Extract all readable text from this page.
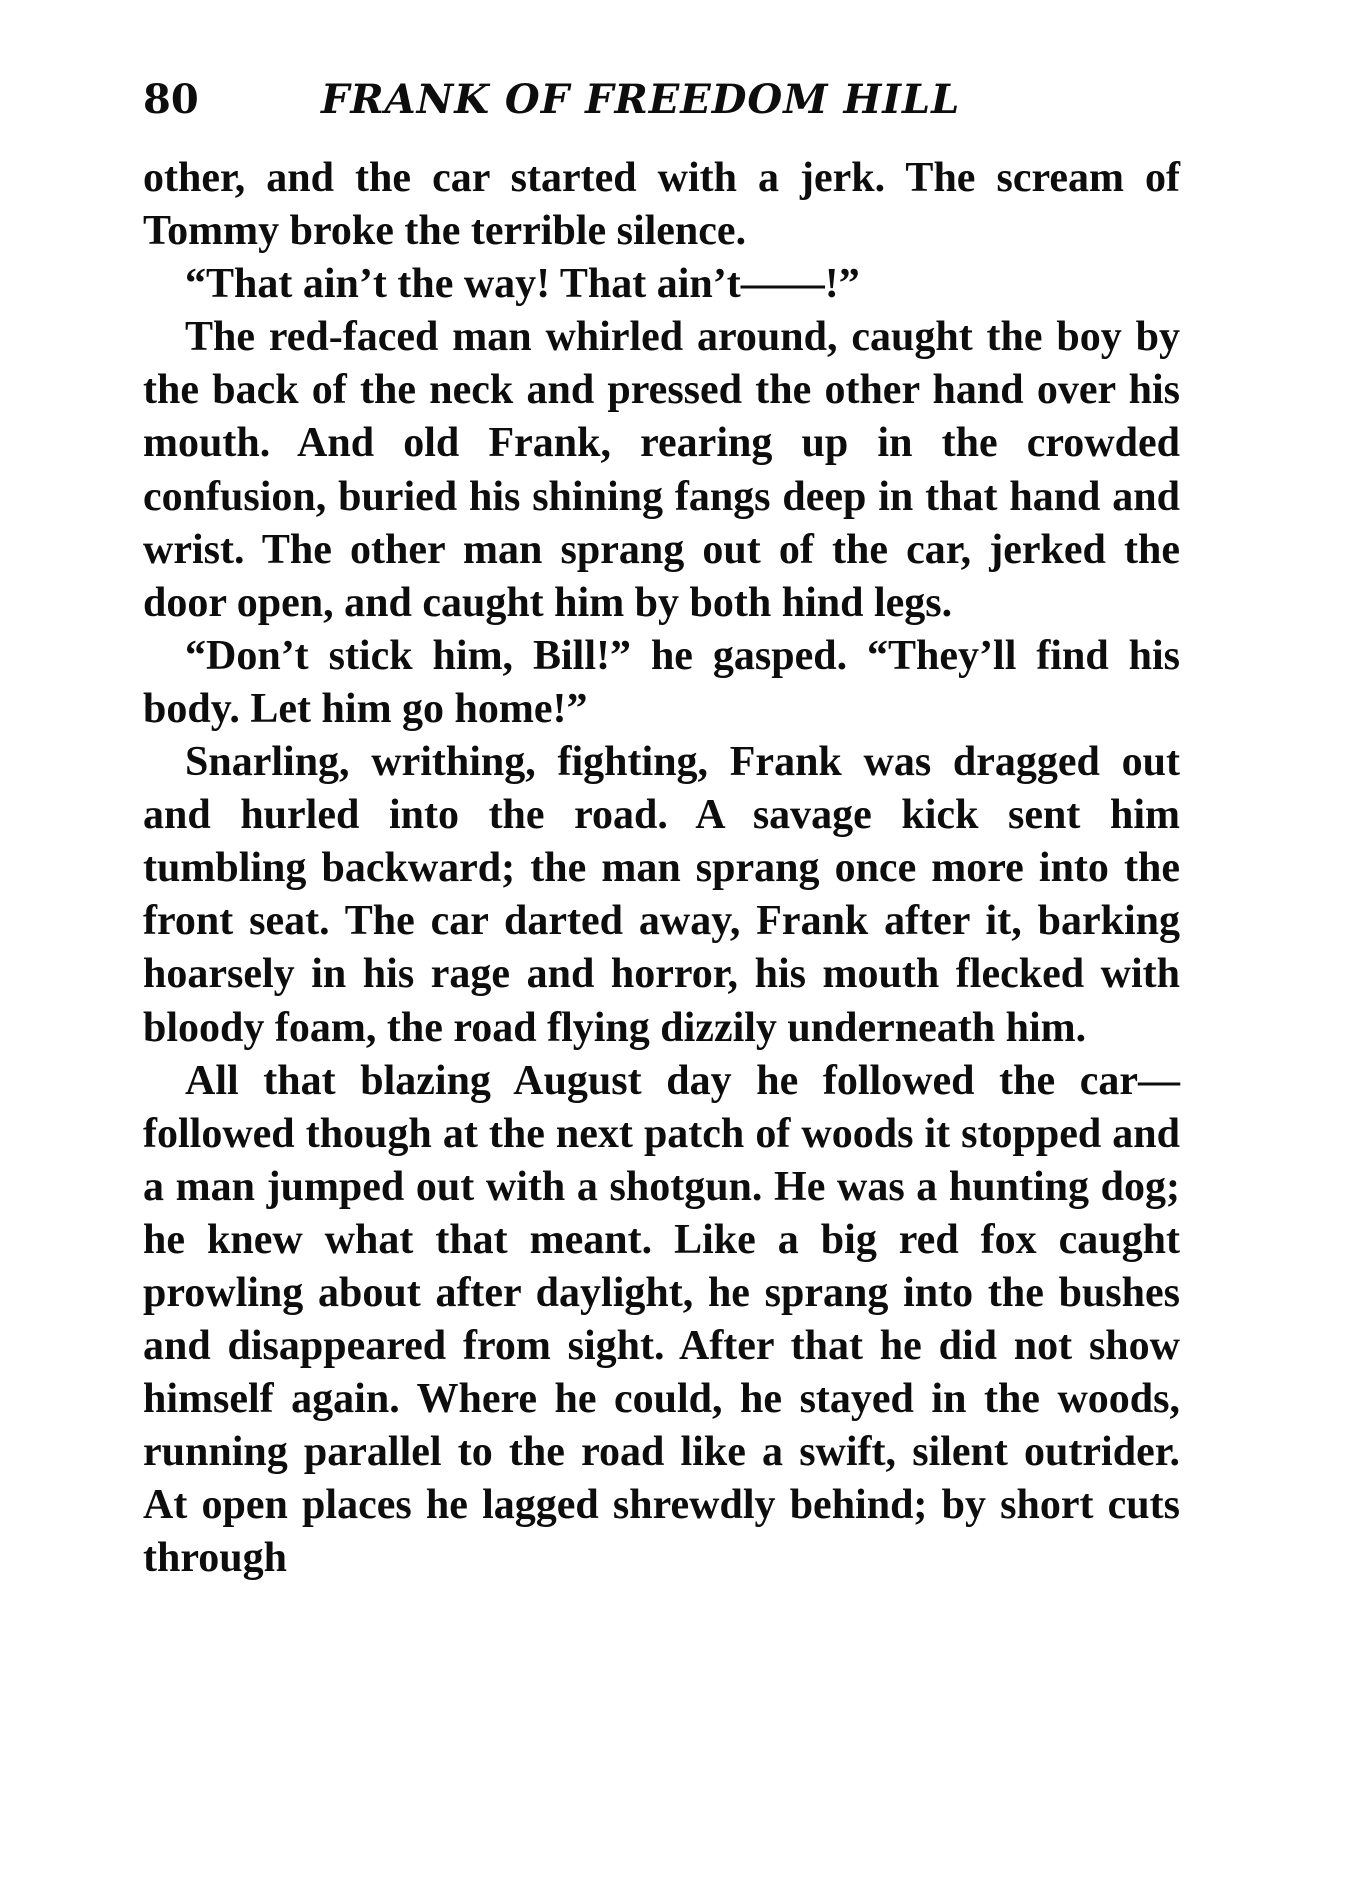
80	FRANK OF FREEDOM HILL

other, and the car started with a jerk. The scream of Tommy broke the terrible silence.

“That ain’t the way! That ain’t——!”

The red-faced man whirled around, caught the boy by the back of the neck and pressed the other hand over his mouth. And old Frank, rearing up in the crowded confusion, buried his shining fangs deep in that hand and wrist. The other man sprang out of the car, jerked the door open, and caught him by both hind legs.

“Don’t stick him, Bill!” he gasped. “They’ll find his body. Let him go home!”

Snarling, writhing, fighting, Frank was dragged out and hurled into the road. A savage kick sent him tumbling backward; the man sprang once more into the front seat. The car darted away, Frank after it, barking hoarsely in his rage and horror, his mouth flecked with bloody foam, the road flying dizzily underneath him.

All that blazing August day he followed the car—followed though at the next patch of woods it stopped and a man jumped out with a shotgun. He was a hunting dog; he knew what that meant. Like a big red fox caught prowling about after daylight, he sprang into the bushes and disappeared from sight. After that he did not show himself again. Where he could, he stayed in the woods, running parallel to the road like a swift, silent outrider. At open places he lagged shrewdly behind; by short cuts through
